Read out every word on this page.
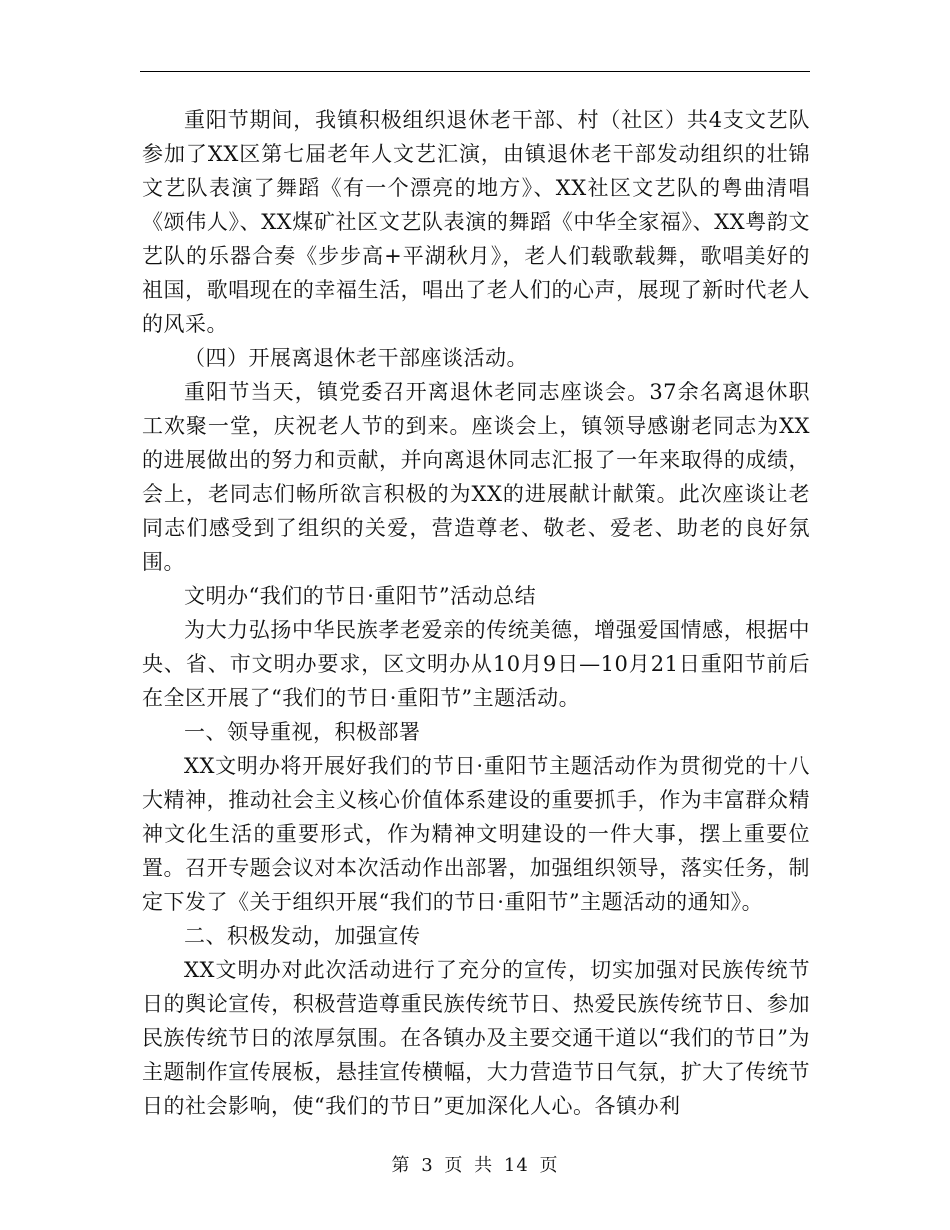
重阳节期间，我镇积极组织退休老干部、村（社区）共4支文艺队参加了XX区第七届老年人文艺汇演，由镇退休老干部发动组织的壮锦文艺队表演了舞蹈《有一个漂亮的地方》、XX社区文艺队的粤曲清唱《颂伟人》、XX煤矿社区文艺队表演的舞蹈《中华全家福》、XX粤韵文艺队的乐器合奏《步步高+平湖秋月》，老人们载歌载舞，歌唱美好的祖国，歌唱现在的幸福生活，唱出了老人们的心声，展现了新时代老人的风采。

（四）开展离退休老干部座谈活动。

重阳节当天，镇党委召开离退休老同志座谈会。37余名离退休职工欢聚一堂，庆祝老人节的到来。座谈会上，镇领导感谢老同志为XX的进展做出的努力和贡献，并向离退休同志汇报了一年来取得的成绩，会上，老同志们畅所欲言积极的为XX的进展献计献策。此次座谈让老同志们感受到了组织的关爱，营造尊老、敬老、爱老、助老的良好氛围。

文明办“我们的节日·重阳节”活动总结

为大力弘扬中华民族孝老爱亲的传统美德，增强爱国情感，根据中央、省、市文明办要求，区文明办从10月9日—10月21日重阳节前后在全区开展了“我们的节日·重阳节”主题活动。

一、领导重视，积极部署

XX文明办将开展好我们的节日·重阳节主题活动作为贯彻党的十八大精神，推动社会主义核心价值体系建设的重要抓手，作为丰富群众精神文化生活的重要形式，作为精神文明建设的一件大事，摆上重要位置。召开专题会议对本次活动作出部署，加强组织领导，落实任务，制定下发了《关于组织开展“我们的节日·重阳节”主题活动的通知》。

二、积极发动，加强宣传

XX文明办对此次活动进行了充分的宣传，切实加强对民族传统节日的舆论宣传，积极营造尊重民族传统节日、热爱民族传统节日、参加民族传统节日的浓厚氛围。在各镇办及主要交通干道以“我们的节日”为主题制作宣传展板，悬挂宣传横幅，大力营造节日气氛，扩大了传统节日的社会影响，使“我们的节日”更加深化人心。各镇办利

第 3 页 共 14 页
